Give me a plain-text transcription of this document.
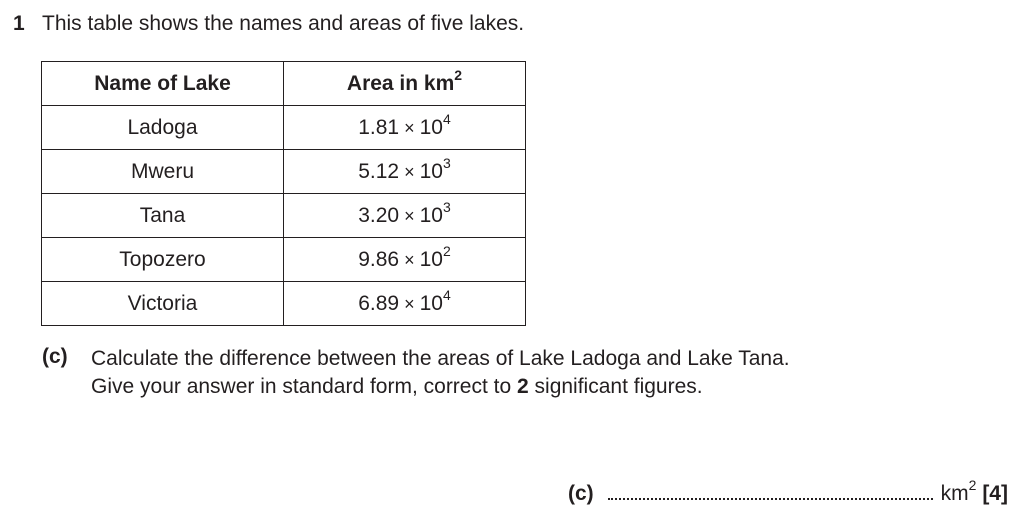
1 This table shows the names and areas of five lakes.
Name of Lake	Area in $km^2$
Ladoga	$1.81 \times 10^4$
Mweru	$5.12 \times 10^3$
Tana	$3.20 \times 10^3$
Topozero	$9.86 \times 10^2$
Victoria	$6.89 \times 10^4$
(c) Calculate the difference between the areas of Lake Ladoga and Lake Tana.
Give your answer in standard form, correct to 2 significant figures.
(c)	$km^2$ [4]
